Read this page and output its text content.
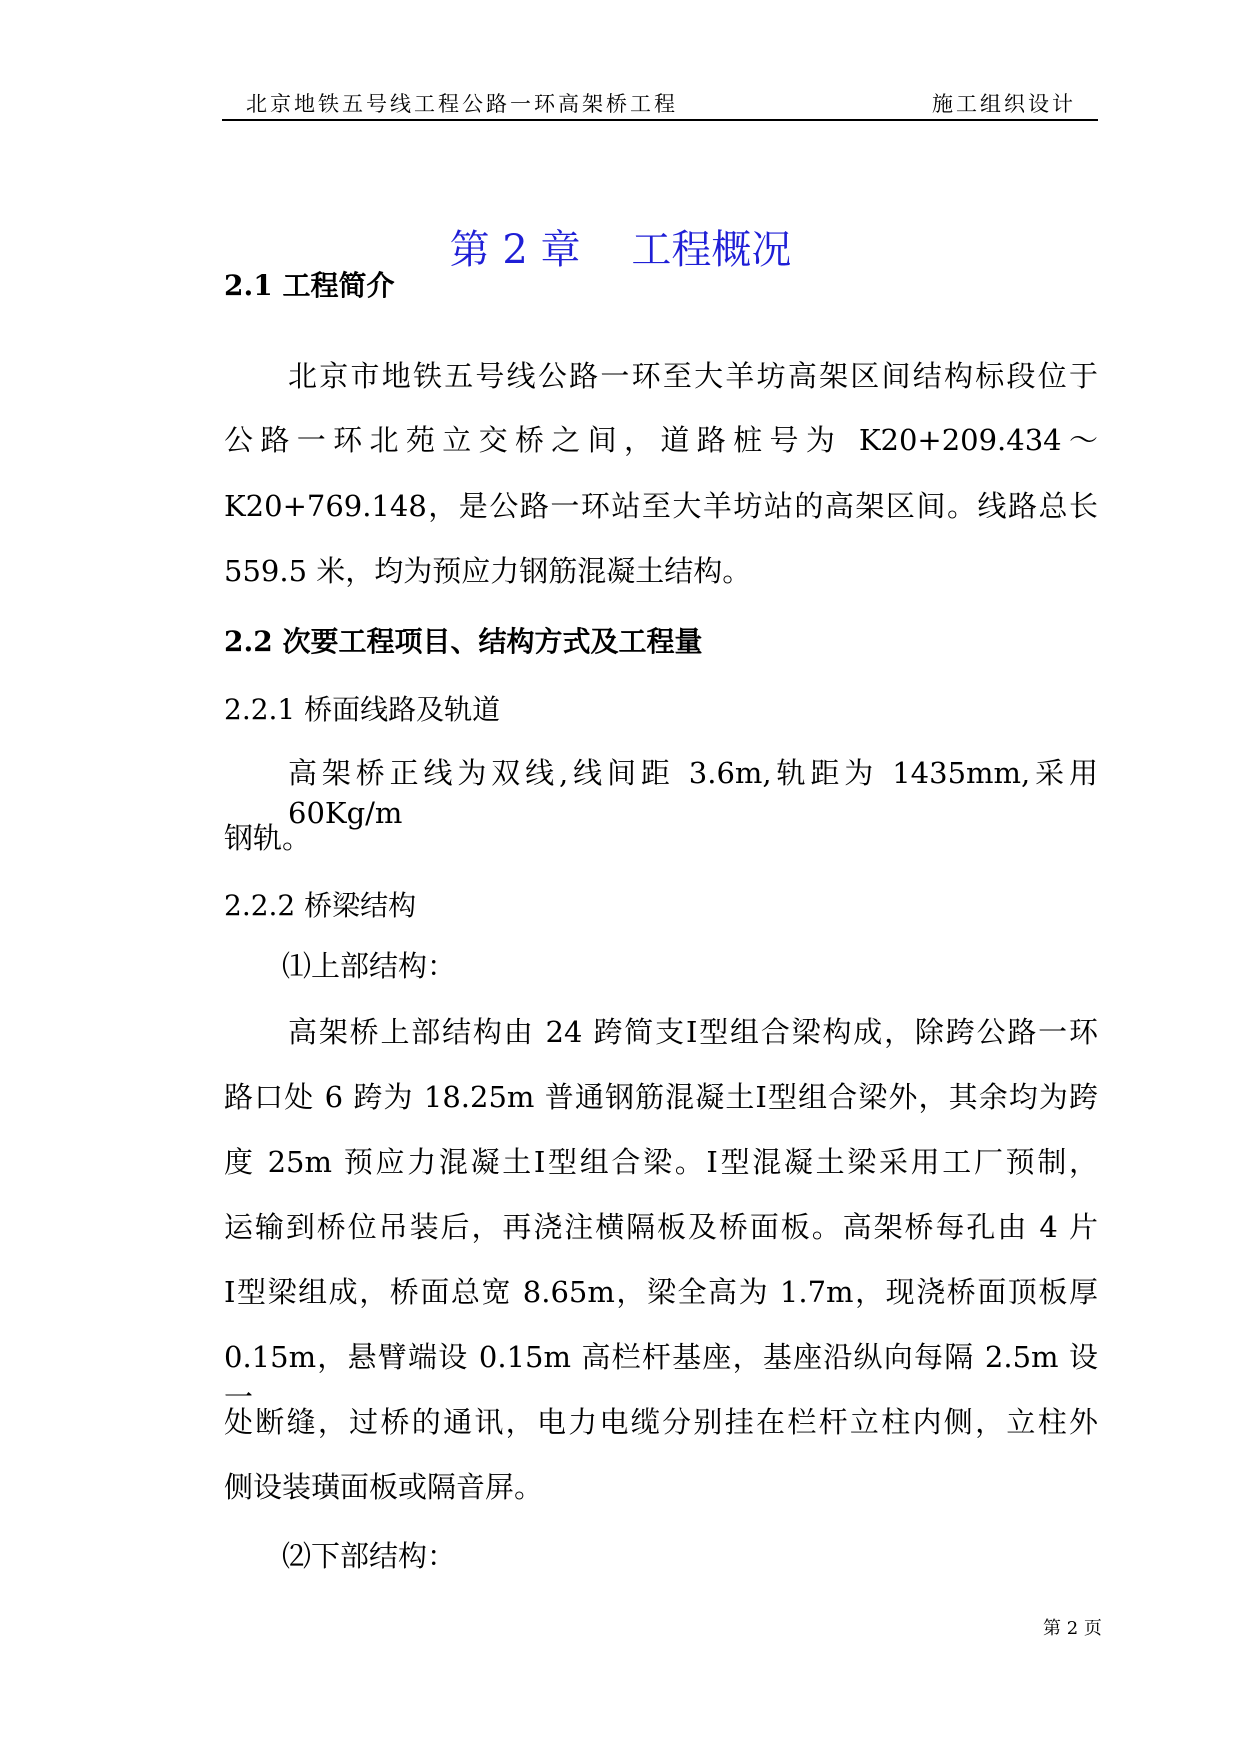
北京地铁五号线工程公路一环高架桥工程	施工组织设计
第 2 章    工程概况
2.1 工程简介
北京市地铁五号线公路一环至大羊坊高架区间结构标段位于
公路一环北苑立交桥之间，道路桩号为 K20+209.434～
K20+769.148，是公路一环站至大羊坊站的高架区间。线路总长
559.5 米，均为预应力钢筋混凝土结构。
2.2 次要工程项目、结构方式及工程量
2.2.1 桥面线路及轨道
高架桥正线为双线,线间距 3.6m,轨距为 1435mm,采用 60Kg/m
钢轨。
2.2.2 桥梁结构
⑴上部结构：
高架桥上部结构由 24 跨简支Ⅰ型组合梁构成，除跨公路一环
路口处 6 跨为 18.25m 普通钢筋混凝土Ⅰ型组合梁外，其余均为跨
度 25m 预应力混凝土Ⅰ型组合梁。Ⅰ型混凝土梁采用工厂预制，
运输到桥位吊装后，再浇注横隔板及桥面板。高架桥每孔由 4 片
Ⅰ型梁组成，桥面总宽 8.65m，梁全高为 1.7m，现浇桥面顶板厚
0.15m，悬臂端设 0.15m 高栏杆基座，基座沿纵向每隔 2.5m 设一
处断缝，过桥的通讯，电力电缆分别挂在栏杆立柱内侧，立柱外
侧设装璜面板或隔音屏。
⑵下部结构：
第 2 页
